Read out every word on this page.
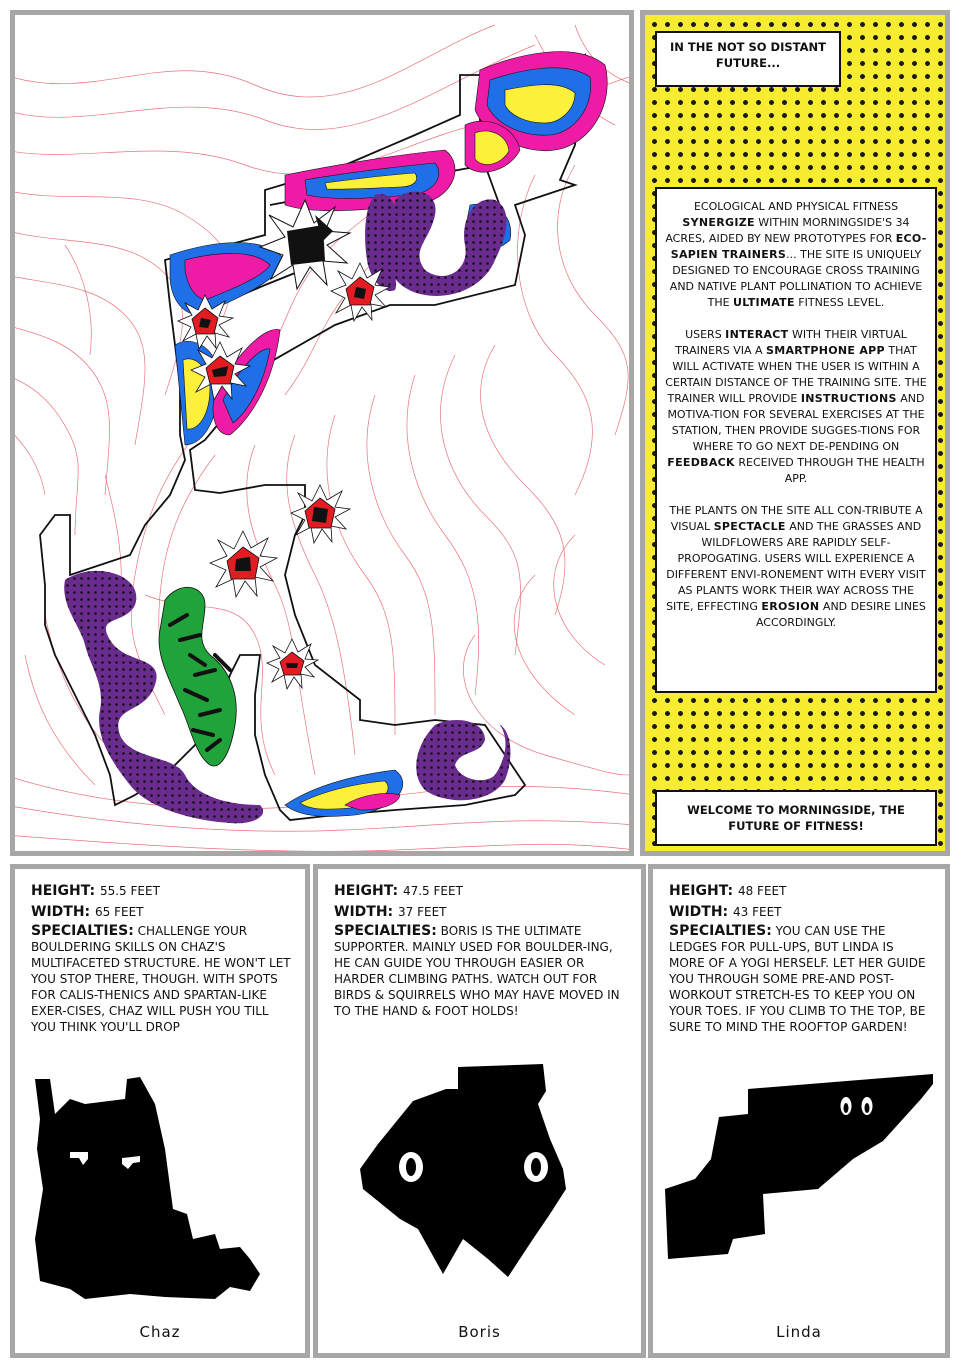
IN THE NOT SO DISTANT FUTURE...

ECOLOGICAL AND PHYSICAL FITNESS SYNERGIZE WITHIN MORNINGSIDE'S 34 ACRES, AIDED BY NEW PROTOTYPES FOR ECO-SAPIEN TRAINERS... THE SITE IS UNIQUELY DESIGNED TO ENCOURAGE CROSS TRAINING AND NATIVE PLANT POLLINATION TO ACHIEVE THE ULTIMATE FITNESS LEVEL.

USERS INTERACT WITH THEIR VIRTUAL TRAINERS VIA A SMARTPHONE APP THAT WILL ACTIVATE WHEN THE USER IS WITHIN A CERTAIN DISTANCE OF THE TRAINING SITE. THE TRAINER WILL PROVIDE INSTRUCTIONS AND MOTIVA-TION FOR SEVERAL EXERCISES AT THE STATION, THEN PROVIDE SUGGES-TIONS FOR WHERE TO GO NEXT DE-PENDING ON FEEDBACK RECEIVED THROUGH THE HEALTH APP.

THE PLANTS ON THE SITE ALL CON-TRIBUTE A VISUAL SPECTACLE AND THE GRASSES AND WILDFLOWERS ARE RAPIDLY SELF-PROPOGATING. USERS WILL EXPERIENCE A DIFFERENT ENVI-RONEMENT WITH EVERY VISIT AS PLANTS WORK THEIR WAY ACROSS THE SITE, EFFECTING EROSION AND DESIRE LINES ACCORDINGLY.

WELCOME TO MORNINGSIDE, THE FUTURE OF FITNESS!
HEIGHT: 55.5 FEET
WIDTH: 65 FEET
SPECIALTIES: CHALLENGE YOUR BOULDERING SKILLS ON CHAZ'S MULTIFACETED STRUCTURE. HE WON'T LET YOU STOP THERE, THOUGH. WITH SPOTS FOR CALIS-THENICS AND SPARTAN-LIKE EXER-CISES, CHAZ WILL PUSH YOU TILL YOU THINK YOU'LL DROP
Chaz
HEIGHT: 47.5 FEET
WIDTH: 37 FEET
SPECIALTIES: BORIS IS THE ULTIMATE SUPPORTER. MAINLY USED FOR BOULDER-ING, HE CAN GUIDE YOU THROUGH EASIER OR HARDER CLIMBING PATHS. WATCH OUT FOR BIRDS & SQUIRRELS WHO MAY HAVE MOVED IN TO THE HAND & FOOT HOLDS!
Boris
HEIGHT: 48 FEET
WIDTH: 43 FEET
SPECIALTIES: YOU CAN USE THE LEDGES FOR PULL-UPS, BUT LINDA IS MORE OF A YOGI HERSELF. LET HER GUIDE YOU THROUGH SOME PRE-AND POST-WORKOUT STRETCH-ES TO KEEP YOU ON YOUR TOES. IF YOU CLIMB TO THE TOP, BE SURE TO MIND THE ROOFTOP GARDEN!
Linda
